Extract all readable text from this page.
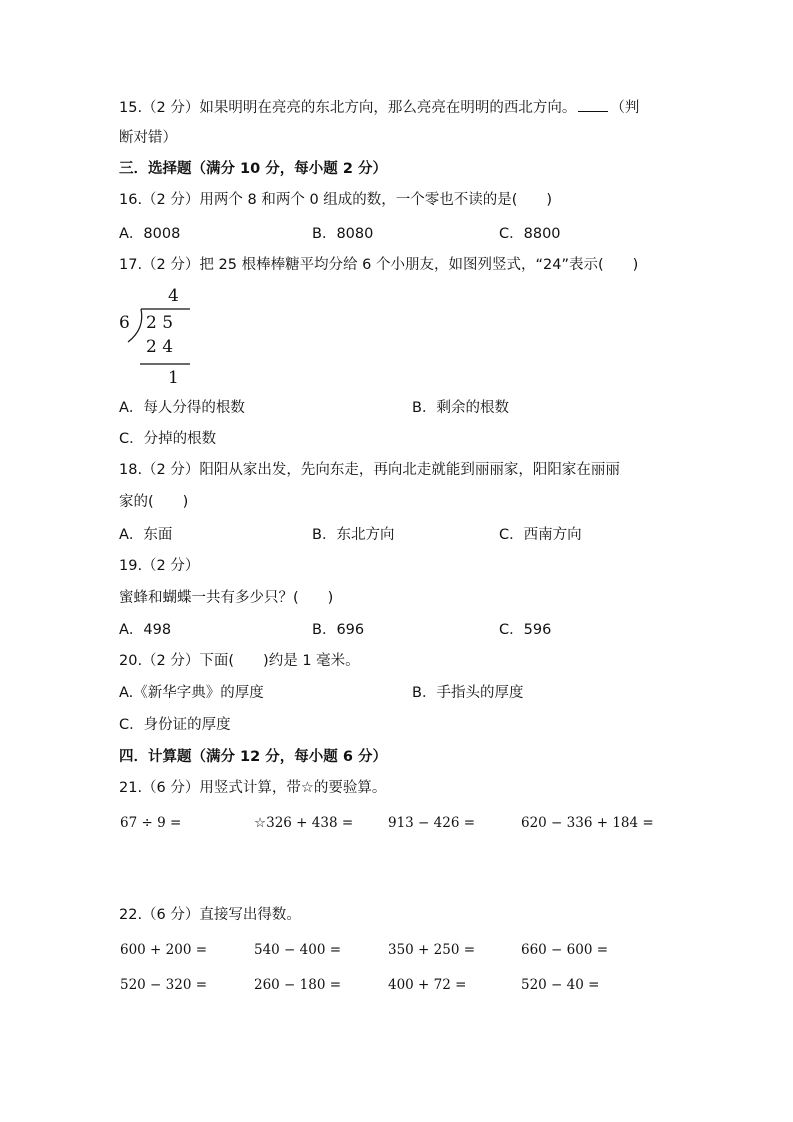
15.（2 分）如果明明在亮亮的东北方向，那么亮亮在明明的西北方向。 （判
断对错）
三．选择题（满分 10 分，每小题 2 分）
16.（2 分）用两个 8 和两个 0 组成的数，一个零也不读的是(　　)
A．8008	B．8080	C．8800
17.（2 分）把 25 根棒棒糖平均分给 6 个小朋友，如图列竖式，“24”表示(　　)
4
6 2 5
2 4
1
A．每人分得的根数	B．剩余的根数
C．分掉的根数
18.（2 分）阳阳从家出发，先向东走，再向北走就能到丽丽家，阳阳家在丽丽
家的(　　)
A．东面	B．东北方向	C．西南方向
19.（2 分）
蜜蜂和蝴蝶一共有多少只？(　　)
A．498	B．696	C．596
20.（2 分）下面(　　)约是 1 毫米。
A.《新华字典》的厚度	B．手指头的厚度
C．身份证的厚度
四．计算题（满分 12 分，每小题 6 分）
21.（6 分）用竖式计算，带☆的要验算。
67 ÷ 9 =	☆326 + 438 =	913 − 426 =	620 − 336 + 184 =
22.（6 分）直接写出得数。
600 + 200 =	540 − 400 =	350 + 250 =	660 − 600 =
520 − 320 =	260 − 180 =	400 + 72 =	520 − 40 =
